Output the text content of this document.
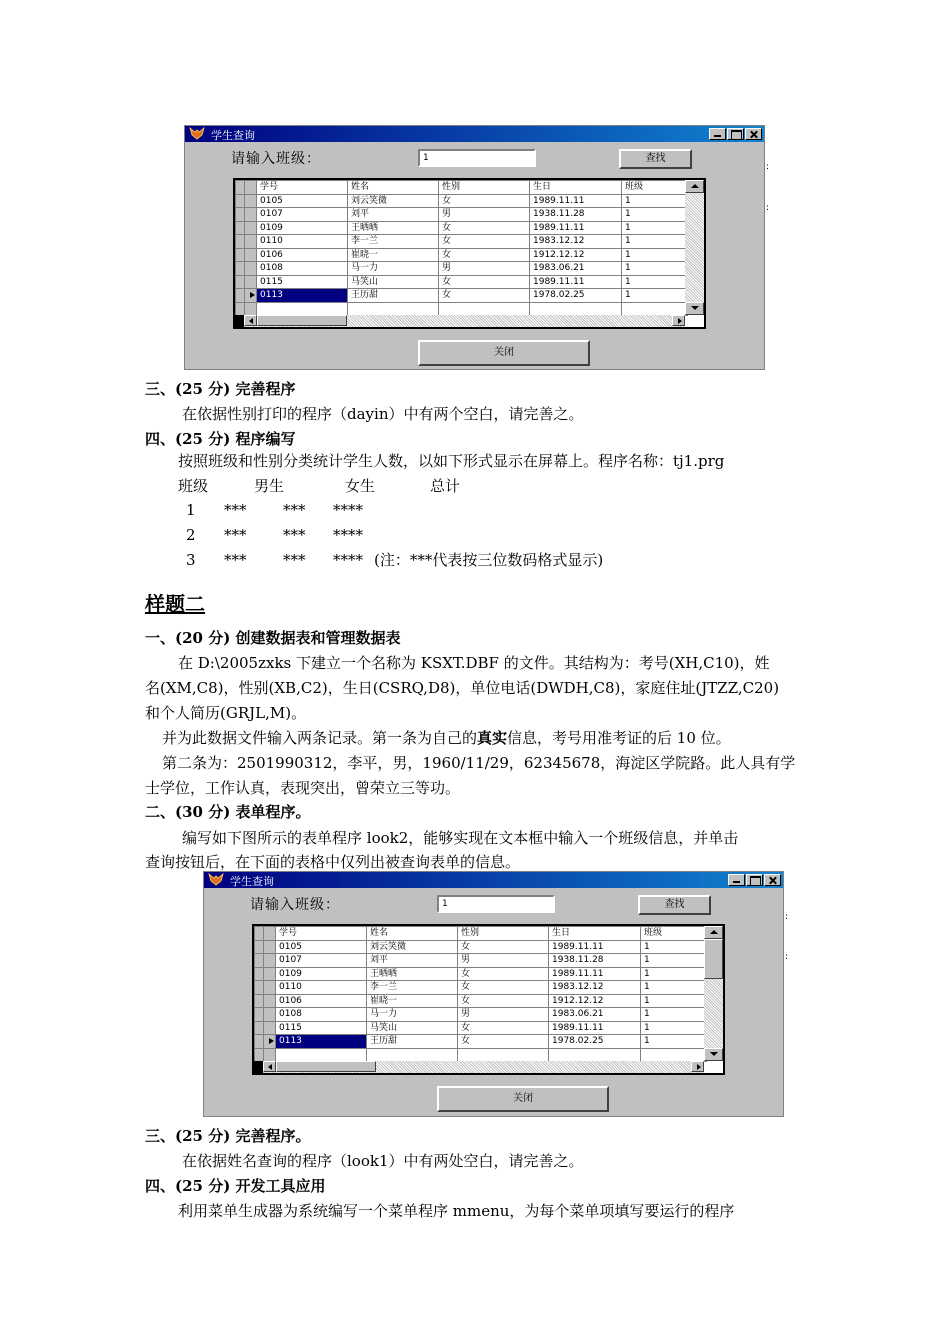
学生查询
请输入班级：	1	查找
		学号	姓名	性别	生日	班级
		0105	刘云笑微	女	1989.11.11	1
		0107	刘平	男	1938.11.28	1
		0109	王晒晒	女	1989.11.11	1
		0110	李一兰	女	1983.12.12	1
		0106	崔晓一	女	1912.12.12	1
		0108	马一力	男	1983.06.21	1
		0115	马笑山	女	1989.11.11	1

	0113	王历甜	女	1978.02.25	1

关闭
:
:
三、(25 分) 完善程序
在依据性别打印的程序（dayin）中有两个空白，请完善之。
四、(25 分) 程序编写
按照班级和性别分类统计学生人数，以如下形式显示在屏幕上。程序名称：tj1.prg
班级	男生	女生	总计
1 *** *** ****
2 *** *** ****
3 *** *** **** (注：***代表按三位数码格式显示)
样题二
一、(20 分) 创建数据表和管理数据表
在 D:\2005zxks 下建立一个名称为 KSXT.DBF 的文件。其结构为：考号(XH,C10)，姓
名(XM,C8)，性别(XB,C2)，生日(CSRQ,D8)，单位电话(DWDH,C8)，家庭住址(JTZZ,C20)
和个人简历(GRJL,M)。
并为此数据文件输入两条记录。第一条为自己的真实信息，考号用准考证的后 10 位。
第二条为：2501990312，李平，男，1960/11/29，62345678，海淀区学院路。此人具有学
士学位，工作认真，表现突出，曾荣立三等功。
二、(30 分) 表单程序。
编写如下图所示的表单程序 look2，能够实现在文本框中输入一个班级信息，并单击
查询按钮后，在下面的表格中仅列出被查询表单的信息。
学生查询
请输入班级：	1	查找
		学号	姓名	性别	生日	班级
		0105	刘云笑微	女	1989.11.11	1
		0107	刘平	男	1938.11.28	1
		0109	王晒晒	女	1989.11.11	1
		0110	李一兰	女	1983.12.12	1
		0106	崔晓一	女	1912.12.12	1
		0108	马一力	男	1983.06.21	1
		0115	马笑山	女	1989.11.11	1

	0113	王历甜	女	1978.02.25	1

关闭
:
:
三、(25 分) 完善程序。
在依据姓名查询的程序（look1）中有两处空白，请完善之。
四、(25 分) 开发工具应用
利用菜单生成器为系统编写一个菜单程序 mmenu，为每个菜单项填写要运行的程序
